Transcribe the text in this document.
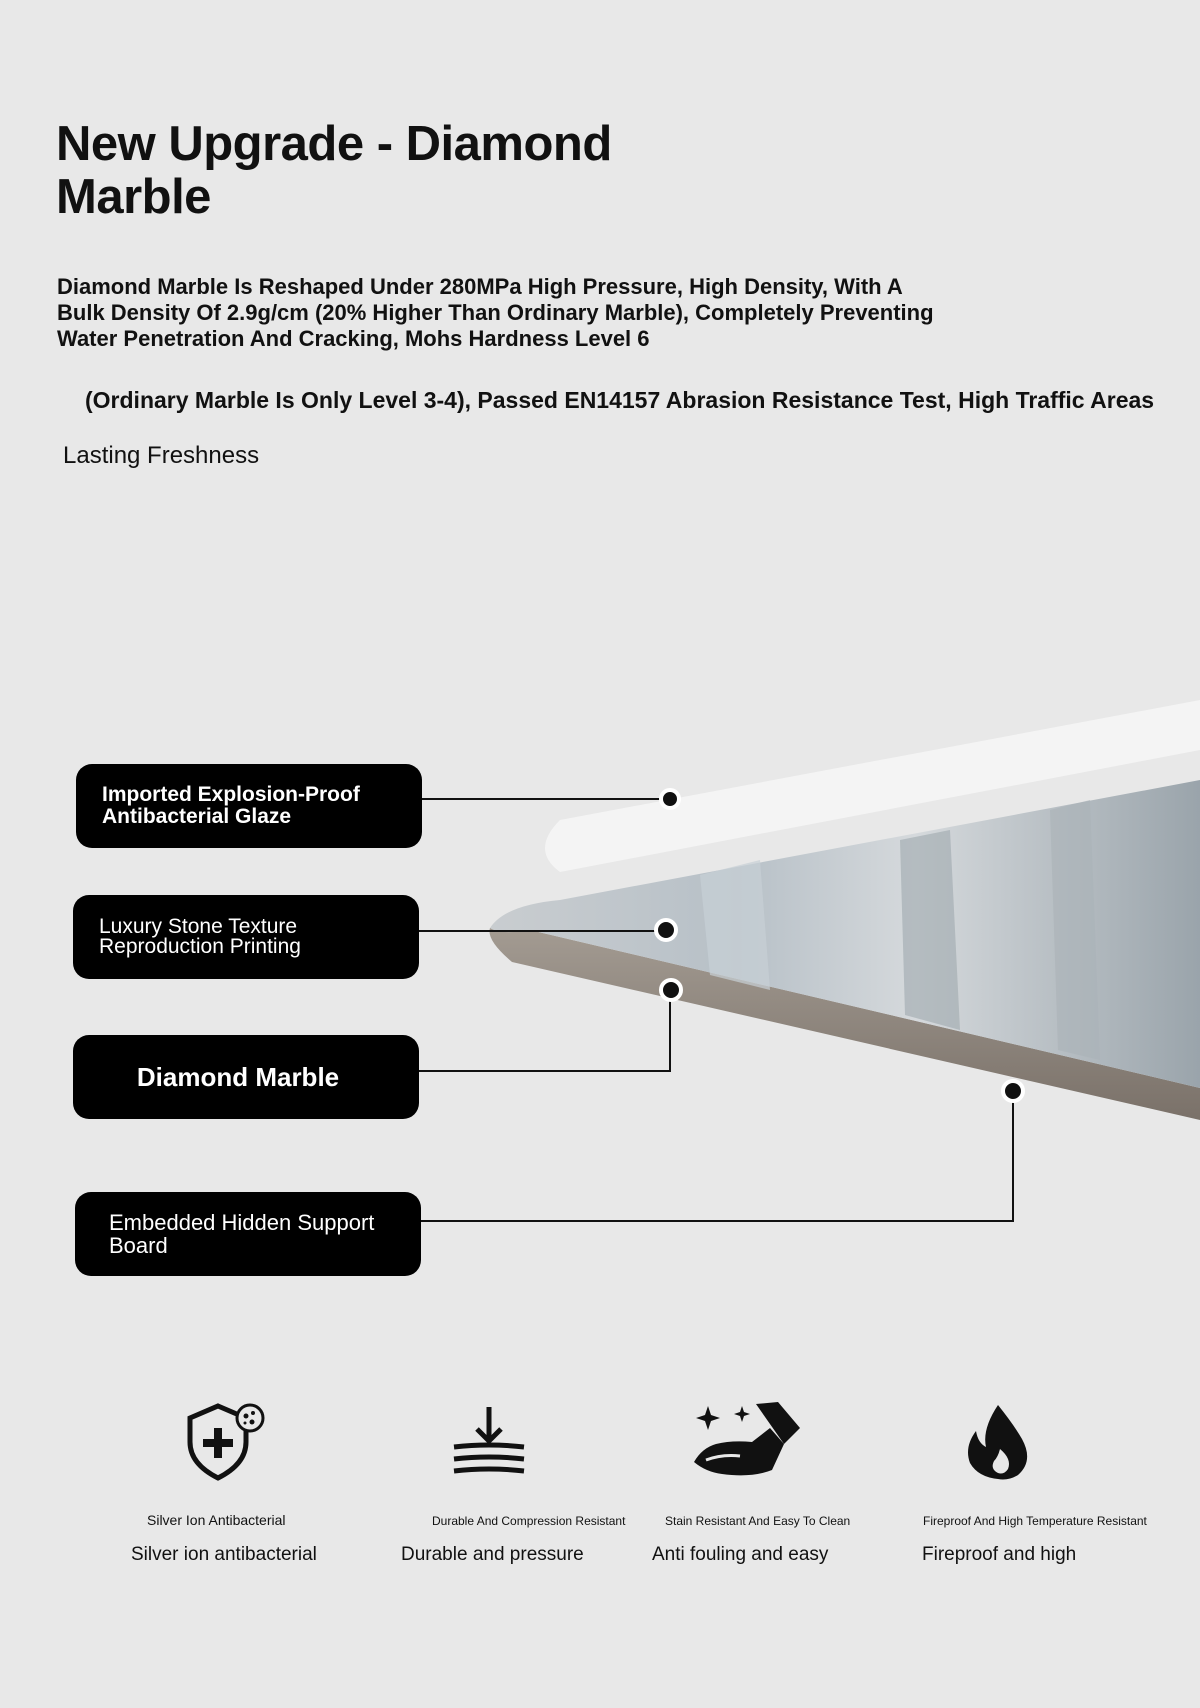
New Upgrade - Diamond Marble

Diamond Marble Is Reshaped Under 280MPa High Pressure, High Density, With A Bulk Density Of 2.9g/cm (20% Higher Than Ordinary Marble), Completely Preventing Water Penetration And Cracking, Mohs Hardness Level 6

(Ordinary Marble Is Only Level 3-4), Passed EN14157 Abrasion Resistance Test, High Traffic Areas

Lasting Freshness

Imported Explosion-Proof
Antibacterial Glaze
Luxury Stone Texture
Reproduction Printing
Diamond Marble
Embedded Hidden Support
Board
Silver Ion Antibacterial
Silver ion antibacterial
Durable And Compression Resistant
Durable and pressure
Stain Resistant And Easy To Clean
Anti fouling and easy
Fireproof And High Temperature Resistant
Fireproof and high
